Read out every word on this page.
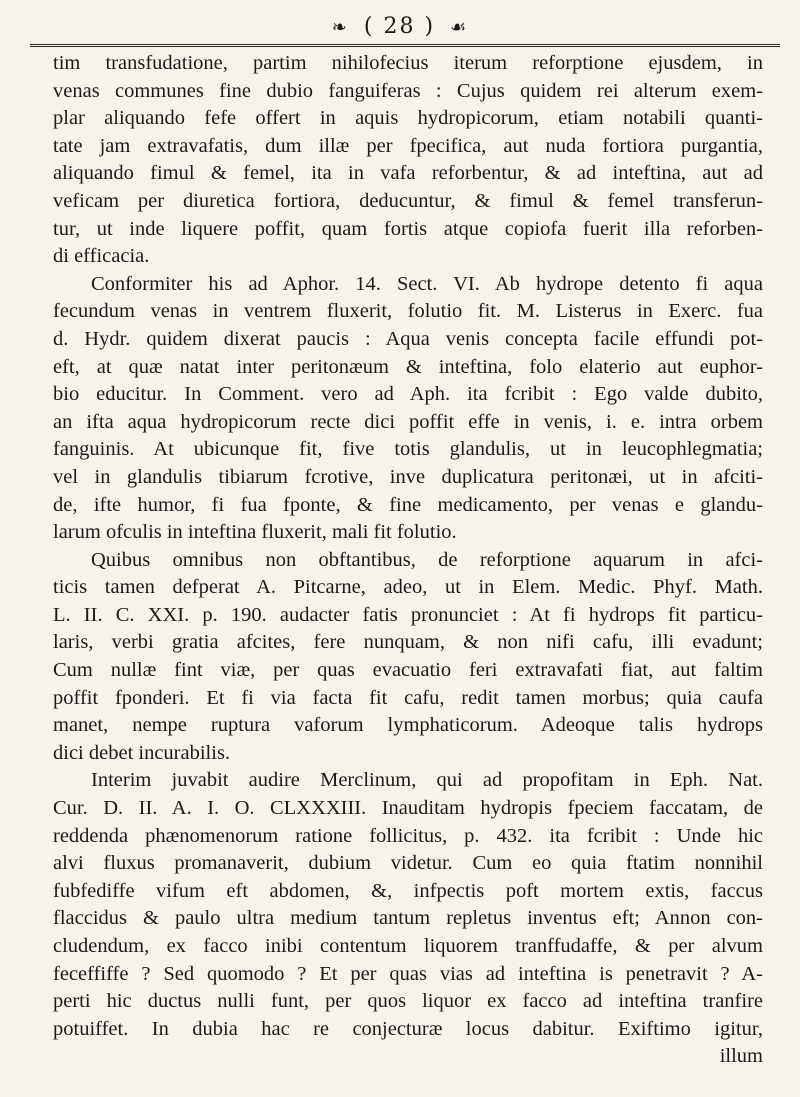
❧ ( 28 ) ☙
tim transfudatione, partim nihilofecius iterum reforptione ejusdem, in
venas communes fine dubio fanguiferas : Cujus quidem rei alterum exem-
plar aliquando fefe offert in aquis hydropicorum, etiam notabili quanti-
tate jam extravafatis, dum illæ per fpecifica, aut nuda fortiora purgantia,
aliquando fimul & femel, ita in vafa reforbentur, & ad inteftina, aut ad
veficam per diuretica fortiora, deducuntur, & fimul & femel transferun-
tur, ut inde liquere poffit, quam fortis atque copiofa fuerit illa reforben-
di efficacia.
Conformiter his ad Aphor. 14. Sect. VI. Ab hydrope detento fi aqua
fecundum venas in ventrem fluxerit, folutio fit. M. Listerus in Exerc. fua
d. Hydr. quidem dixerat paucis : Aqua venis concepta facile effundi pot-
eft, at quæ natat inter peritonæum & inteftina, folo elaterio aut euphor-
bio educitur. In Comment. vero ad Aph. ita fcribit : Ego valde dubito,
an ifta aqua hydropicorum recte dici poffit effe in venis, i. e. intra orbem
fanguinis. At ubicunque fit, five totis glandulis, ut in leucophlegmatia;
vel in glandulis tibiarum fcrotive, inve duplicatura peritonæi, ut in afciti-
de, ifte humor, fi fua fponte, & fine medicamento, per venas e glandu-
larum ofculis in inteftina fluxerit, mali fit folutio.
Quibus omnibus non obftantibus, de reforptione aquarum in afci-
ticis tamen defperat A. Pitcarne, adeo, ut in Elem. Medic. Phyf. Math.
L. II. C. XXI. p. 190. audacter fatis pronunciet : At fi hydrops fit particu-
laris, verbi gratia afcites, fere nunquam, & non nifi cafu, illi evadunt;
Cum nullæ fint viæ, per quas evacuatio feri extravafati fiat, aut faltim
poffit fponderi. Et fi via facta fit cafu, redit tamen morbus; quia caufa
manet, nempe ruptura vaforum lymphaticorum. Adeoque talis hydrops
dici debet incurabilis.
Interim juvabit audire Merclinum, qui ad propofitam in Eph. Nat.
Cur. D. II. A. I. O. CLXXXIII. Inauditam hydropis fpeciem faccatam, de
reddenda phænomenorum ratione follicitus, p. 432. ita fcribit : Unde hic
alvi fluxus promanaverit, dubium videtur. Cum eo quia ftatim nonnihil
fubfediffe vifum eft abdomen, &, infpectis poft mortem extis, faccus
flaccidus & paulo ultra medium tantum repletus inventus eft; Annon con-
cludendum, ex facco inibi contentum liquorem tranffudaffe, & per alvum
feceffiffe ? Sed quomodo ? Et per quas vias ad inteftina is penetravit ? A-
perti hic ductus nulli funt, per quos liquor ex facco ad inteftina tranfire
potuiffet. In dubia hac re conjecturæ locus dabitur. Exiftimo igitur,
illum
